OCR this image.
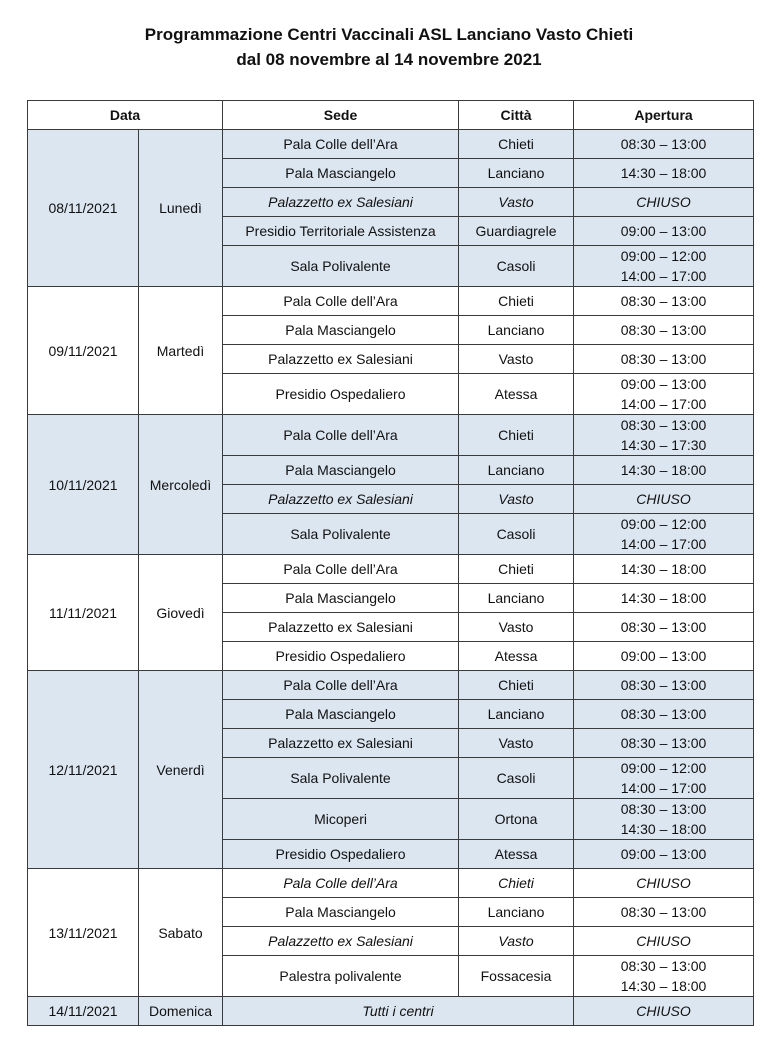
Programmazione Centri Vaccinali ASL Lanciano Vasto Chieti
dal 08 novembre al 14 novembre 2021
Data		Sede	Città	Apertura
08/11/2021	Lunedì	Pala Colle dell’Ara	Chieti	08:30 – 13:00

		Pala Masciangelo	Lanciano	14:30 – 18:00

		Palazzetto ex Salesiani	Vasto	CHIUSO

		Presidio Territoriale Assistenza	Guardiagrele	09:00 – 13:00

		Sala Polivalente	Casoli	09:00 – 12:00
14:00 – 17:00

09/11/2021	Martedì	Pala Colle dell’Ara	Chieti	08:30 – 13:00

		Pala Masciangelo	Lanciano	08:30 – 13:00

		Palazzetto ex Salesiani	Vasto	08:30 – 13:00

		Presidio Ospedaliero	Atessa	09:00 – 13:00
14:00 – 17:00

10/11/2021	Mercoledì	Pala Colle dell’Ara	Chieti	08:30 – 13:00
14:30 – 17:30

		Pala Masciangelo	Lanciano	14:30 – 18:00

		Palazzetto ex Salesiani	Vasto	CHIUSO

		Sala Polivalente	Casoli	09:00 – 12:00
14:00 – 17:00

11/11/2021	Giovedì	Pala Colle dell’Ara	Chieti	14:30 – 18:00

		Pala Masciangelo	Lanciano	14:30 – 18:00

		Palazzetto ex Salesiani	Vasto	08:30 – 13:00

		Presidio Ospedaliero	Atessa	09:00 – 13:00

12/11/2021	Venerdì	Pala Colle dell’Ara	Chieti	08:30 – 13:00

		Pala Masciangelo	Lanciano	08:30 – 13:00

		Palazzetto ex Salesiani	Vasto	08:30 – 13:00

		Sala Polivalente	Casoli	09:00 – 12:00
14:00 – 17:00

		Micoperi	Ortona	08:30 – 13:00
14:30 – 18:00

		Presidio Ospedaliero	Atessa	09:00 – 13:00

13/11/2021	Sabato	Pala Colle dell’Ara	Chieti	CHIUSO

		Pala Masciangelo	Lanciano	08:30 – 13:00

		Palazzetto ex Salesiani	Vasto	CHIUSO

		Palestra polivalente	Fossacesia	08:30 – 13:00
14:30 – 18:00

14/11/2021	Domenica	Tutti i centri		CHIUSO
